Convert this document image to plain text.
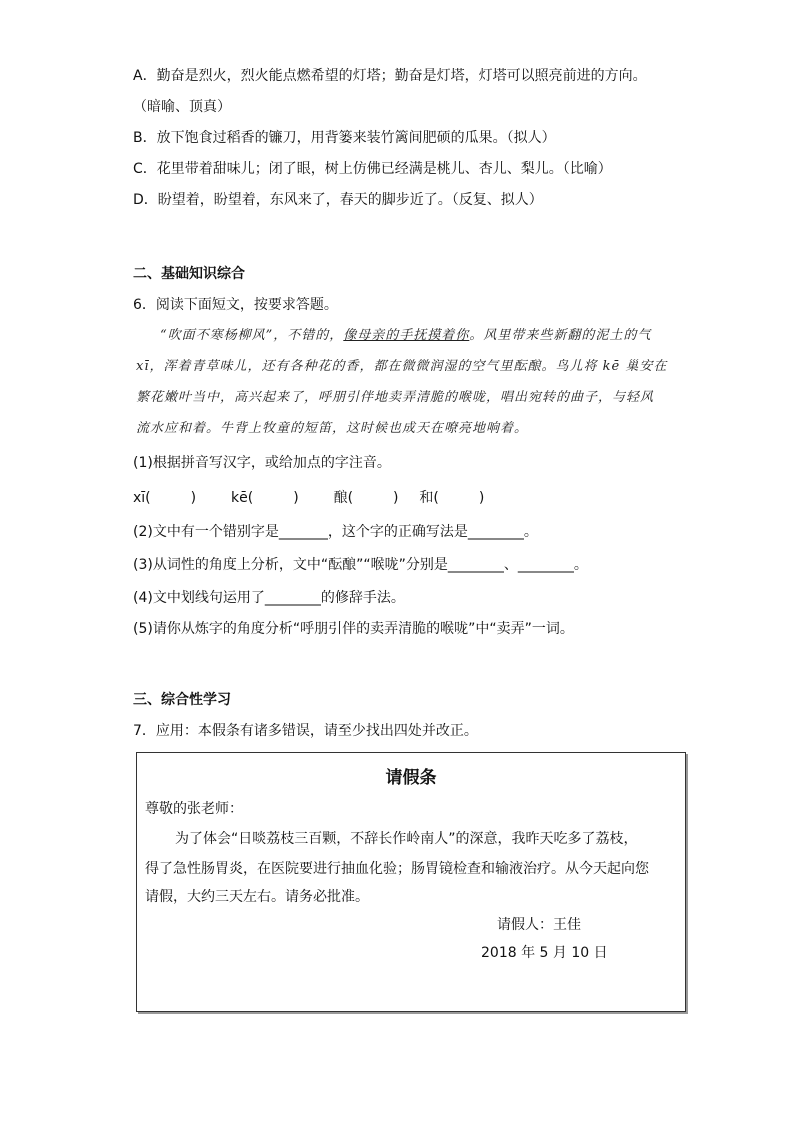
A．勤奋是烈火，烈火能点燃希望的灯塔；勤奋是灯塔，灯塔可以照亮前进的方向。
（暗喻、顶真）
B．放下饱食过稻香的镰刀，用背篓来装竹篱间肥硕的瓜果。（拟人）
C．花里带着甜味儿；闭了眼，树上仿佛已经满是桃儿、杏儿、梨儿。（比喻）
D．盼望着，盼望着，东风来了，春天的脚步近了。（反复、拟人）
二、基础知识综合
6．阅读下面短文，按要求答题。
“吹面不寒杨柳风”，不错的，像母亲的手抚摸着你。风里带来些新翻的泥土的气
xī，浑着青草味儿，还有各种花的香，都在微微润湿的空气里酝酿。鸟儿将 kē 巢安在
繁花嫩叶当中，高兴起来了，呼朋引伴地卖弄清脆的喉咙，唱出宛转的曲子，与轻风
流水应和着。牛背上牧童的短笛，这时候也成天在嘹亮地响着。
(1)根据拼音写汉字，或给加点的字注音。
xī(	) kē(	) 酿(	) 和(	)
(2)文中有一个错别字是_______，这个字的正确写法是________。
(3)从词性的角度上分析，文中“酝酿”“喉咙”分别是________、________。
(4)文中划线句运用了________的修辞手法。
(5)请你从炼字的角度分析“呼朋引伴的卖弄清脆的喉咙”中“卖弄”一词。
三、综合性学习
7．应用：本假条有诸多错误，请至少找出四处并改正。
请假条
尊敬的张老师：
为了体会“日啖荔枝三百颗，不辞长作岭南人”的深意，我昨天吃多了荔枝，
得了急性肠胃炎，在医院要进行抽血化验；肠胃镜检查和输液治疗。从今天起向您
请假，大约三天左右。请务必批准。
请假人：王佳
2018 年 5 月 10 日
